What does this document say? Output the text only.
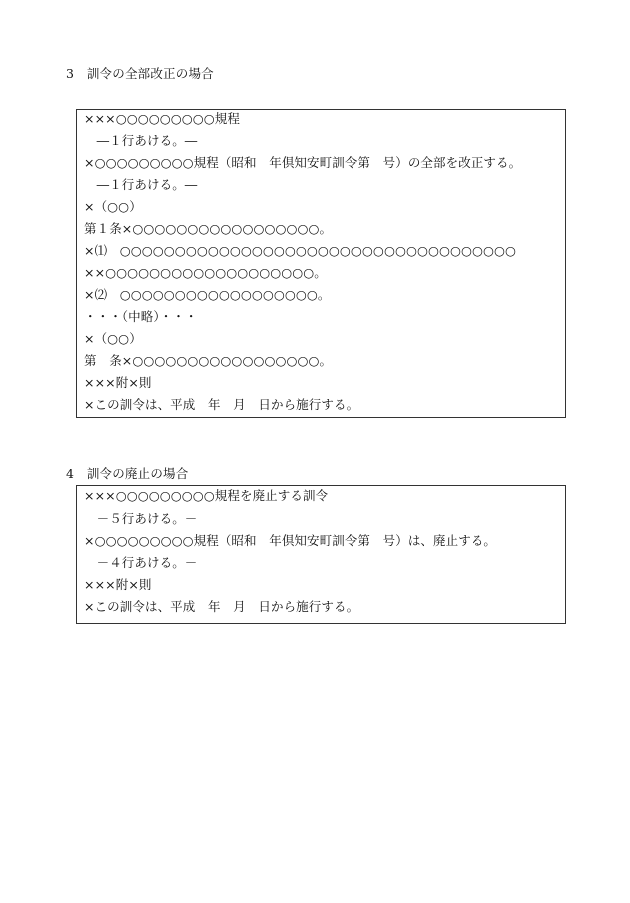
3　訓令の全部改正の場合
×××○○○○○○○○○規程
　―１行あける。―
×○○○○○○○○○規程（昭和　年倶知安町訓令第　号）の全部を改正する。
　―１行あける。―
×（○○）
第１条×○○○○○○○○○○○○○○○○○。
×⑴　○○○○○○○○○○○○○○○○○○○○○○○○○○○○○○○○○○○○
××○○○○○○○○○○○○○○○○○○○。
×⑵　○○○○○○○○○○○○○○○○○○。
・・・（中略）・・・
×（○○）
第　条×○○○○○○○○○○○○○○○○○。
×××附×則
×この訓令は、平成　年　月　日から施行する。
4　訓令の廃止の場合
×××○○○○○○○○○規程を廃止する訓令
　－５行あける。－
×○○○○○○○○○規程（昭和　年倶知安町訓令第　号）は、廃止する。
　－４行あける。－
×××附×則
×この訓令は、平成　年　月　日から施行する。
